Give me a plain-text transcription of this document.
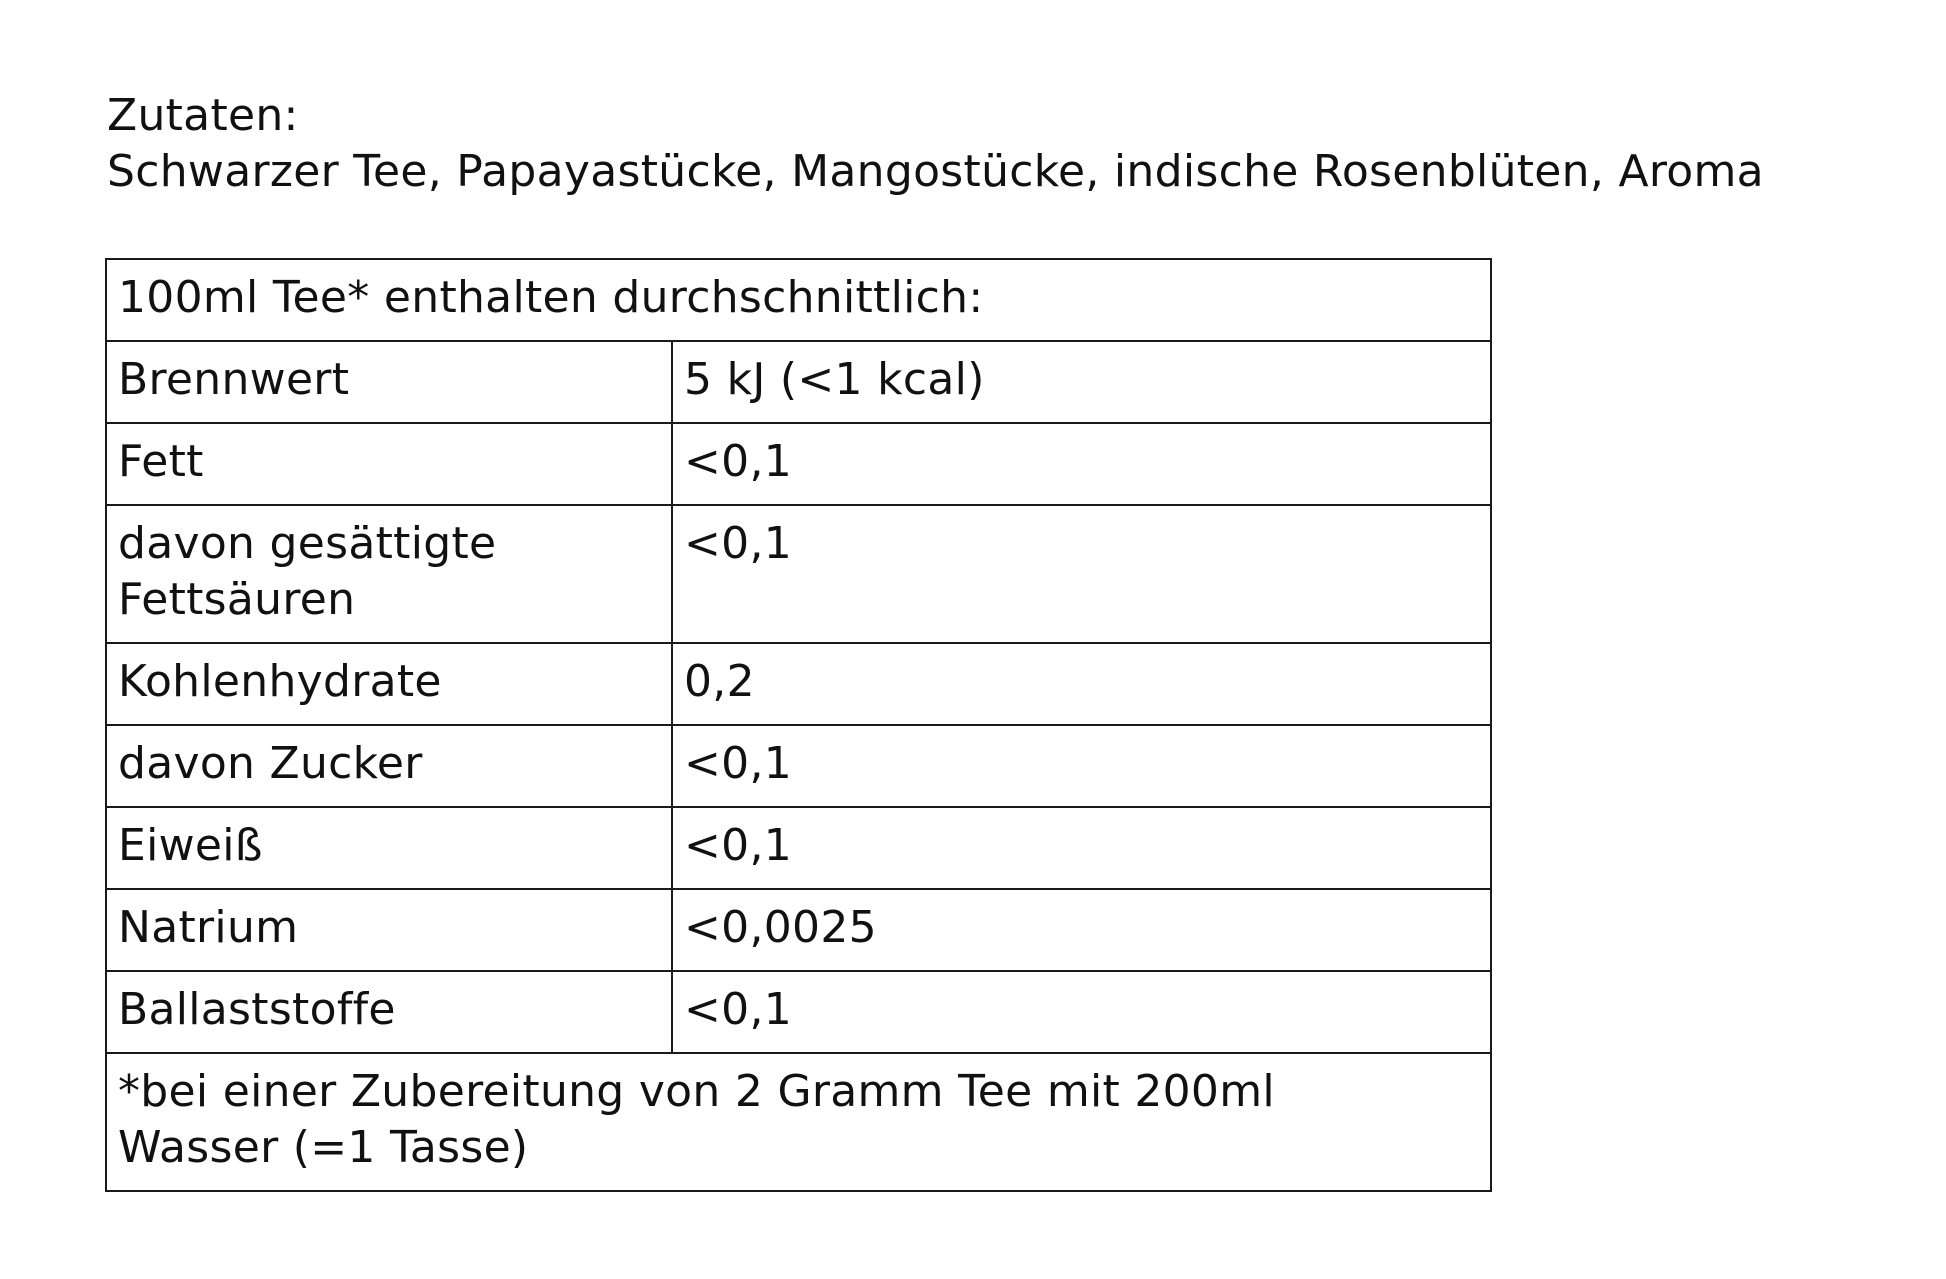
Zutaten:
Schwarzer Tee, Papayastücke, Mangostücke, indische Rosenblüten, Aroma
100ml Tee* enthalten durchschnittlich:	
Brennwert	5 kJ (<1 kcal)
Fett	<0,1

davon gesättigte
Fettsäuren	<0,1
Kohlenhydrate	0,2
davon Zucker	<0,1
Eiweiß	<0,1
Natrium	<0,0025
Ballaststoffe	<0,1

*bei einer Zubereitung von 2 Gramm Tee mit 200ml
Wasser (=1 Tasse)	
